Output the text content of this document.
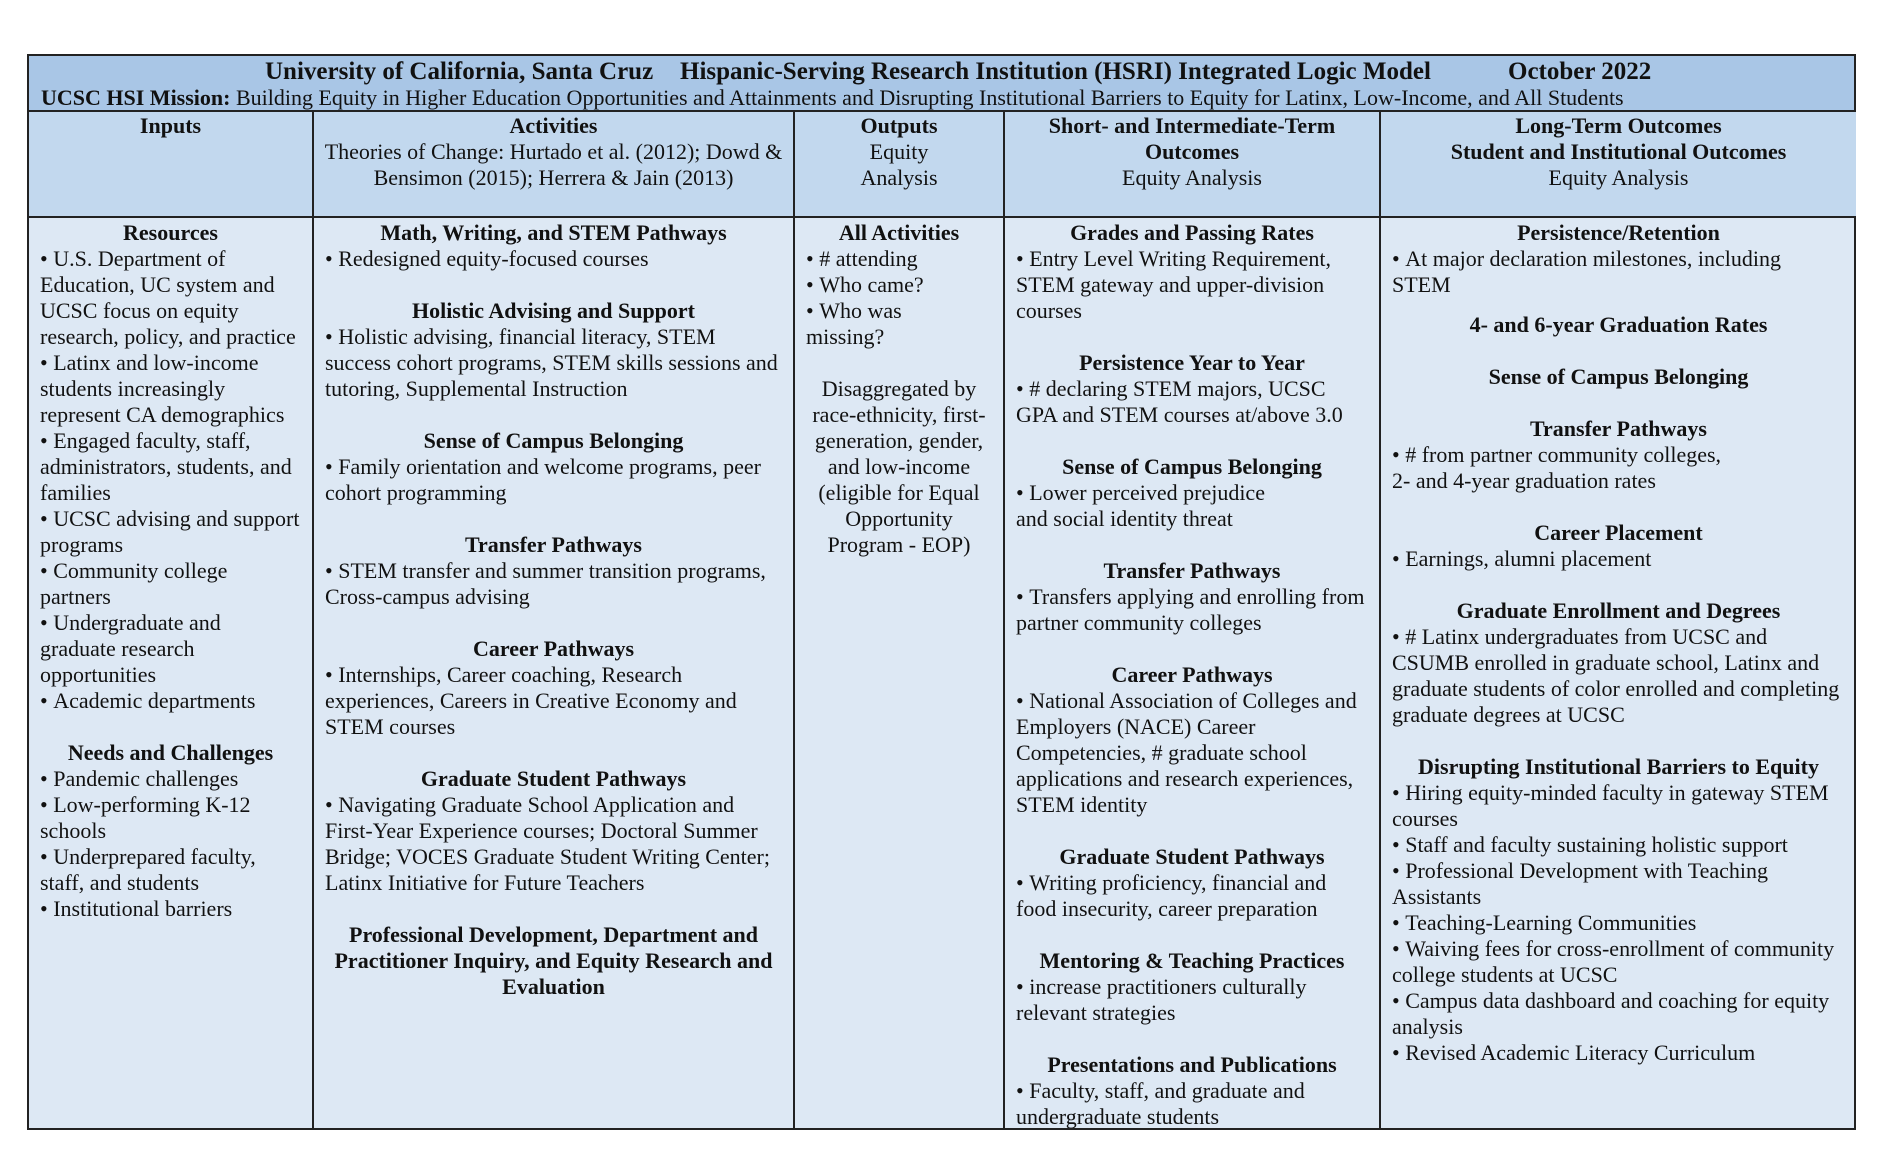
University of California, Santa Cruz Hispanic-Serving Research Institution (HSRI) Integrated Logic Model	October 2022
UCSC HSI Mission: Building Equity in Higher Education Opportunities and Attainments and Disrupting Institutional Barriers to Equity for Latinx, Low-Income, and All Students
Inputs
Resources
• U.S. Department of Education, UC system and UCSC focus on equity research, policy, and practice
• Latinx and low-income students increasingly represent CA demographics
• Engaged faculty, staff, administrators, students, and families
• UCSC advising and support programs
• Community college partners
• Undergraduate and graduate research opportunities
• Academic departments
Needs and Challenges
• Pandemic challenges
• Low-performing K-12 schools
• Underprepared faculty, staff, and students
• Institutional barriers
Activities
Theories of Change: Hurtado et al. (2012); Dowd & Bensimon (2015); Herrera & Jain (2013)
Math, Writing, and STEM Pathways
• Redesigned equity-focused courses
Holistic Advising and Support
• Holistic advising, financial literacy, STEM success cohort programs, STEM skills sessions and tutoring, Supplemental Instruction
Sense of Campus Belonging
• Family orientation and welcome programs, peer cohort programming
Transfer Pathways
• STEM transfer and summer transition programs, Cross-campus advising
Career Pathways
• Internships, Career coaching, Research experiences, Careers in Creative Economy and STEM courses
Graduate Student Pathways
• Navigating Graduate School Application and First-Year Experience courses; Doctoral Summer Bridge; VOCES Graduate Student Writing Center; Latinx Initiative for Future Teachers
Professional Development, Department and Practitioner Inquiry, and Equity Research and Evaluation
Outputs
Equity Analysis
All Activities
• # attending
• Who came?
• Who was missing?
Disaggregated by race-ethnicity, first-generation, gender, and low-income (eligible for Equal Opportunity Program - EOP)
Short- and Intermediate-Term Outcomes
Equity Analysis
Grades and Passing Rates
• Entry Level Writing Requirement, STEM gateway and upper-division courses
Persistence Year to Year
• # declaring STEM majors, UCSC GPA and STEM courses at/above 3.0
Sense of Campus Belonging
• Lower perceived prejudice and social identity threat
Transfer Pathways
• Transfers applying and enrolling from partner community colleges
Career Pathways
• National Association of Colleges and Employers (NACE) Career Competencies, # graduate school applications and research experiences, STEM identity
Graduate Student Pathways
• Writing proficiency, financial and food insecurity, career preparation
Mentoring & Teaching Practices
• increase practitioners culturally relevant strategies
Presentations and Publications
• Faculty, staff, and graduate and undergraduate students
Long-Term Outcomes
Student and Institutional Outcomes
Equity Analysis
Persistence/Retention
• At major declaration milestones, including STEM
4- and 6-year Graduation Rates
Sense of Campus Belonging
Transfer Pathways
• # from partner community colleges, 2- and 4-year graduation rates
Career Placement
• Earnings, alumni placement
Graduate Enrollment and Degrees
• # Latinx undergraduates from UCSC and CSUMB enrolled in graduate school, Latinx and graduate students of color enrolled and completing graduate degrees at UCSC
Disrupting Institutional Barriers to Equity
• Hiring equity-minded faculty in gateway STEM courses
• Staff and faculty sustaining holistic support
• Professional Development with Teaching Assistants
• Teaching-Learning Communities
• Waiving fees for cross-enrollment of community college students at UCSC
• Campus data dashboard and coaching for equity analysis
• Revised Academic Literacy Curriculum
